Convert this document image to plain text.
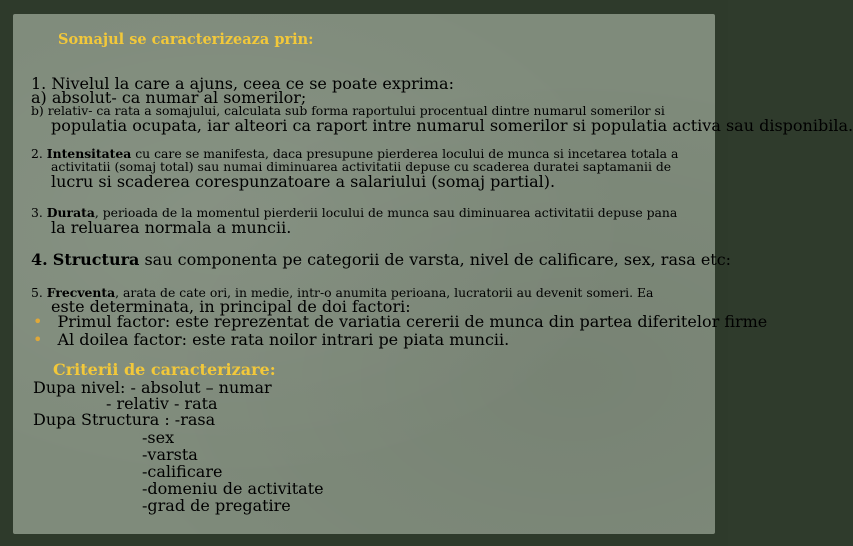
Somajul se caracterizeaza prin:
1. Nivelul la care a ajuns, ceea ce se poate exprima:
a) absolut- ca numar al somerilor;
b) relativ- ca rata a somajului, calculata sub forma raportului procentual dintre numarul somerilor si
populatia ocupata, iar alteori ca raport intre numarul somerilor si populatia activa sau disponibila.
2. Intensitatea cu care se manifesta, daca presupune pierderea locului de munca si incetarea totala a
activitatii (somaj total) sau numai diminuarea activitatii depuse cu scaderea duratei saptamanii de
lucru si scaderea corespunzatoare a salariului (somaj partial).
3. Durata, perioada de la momentul pierderii locului de munca sau diminuarea activitatii depuse pana
la reluarea normala a muncii.
4. Structura sau componenta pe categorii de varsta, nivel de calificare, sex, rasa etc:
5. Frecventa, arata de cate ori, in medie, intr-o anumita perioana, lucratorii au devenit someri. Ea
este determinata, in principal de doi factori:
• Primul factor: este reprezentat de variatia cererii de munca din partea diferitelor firme
• Al doilea factor: este rata noilor intrari pe piata muncii.
Criterii de caracterizare:
Dupa nivel: - absolut – numar
- relativ - rata
Dupa Structura : -rasa
-sex
-varsta
-calificare
-domeniu de activitate
-grad de pregatire
